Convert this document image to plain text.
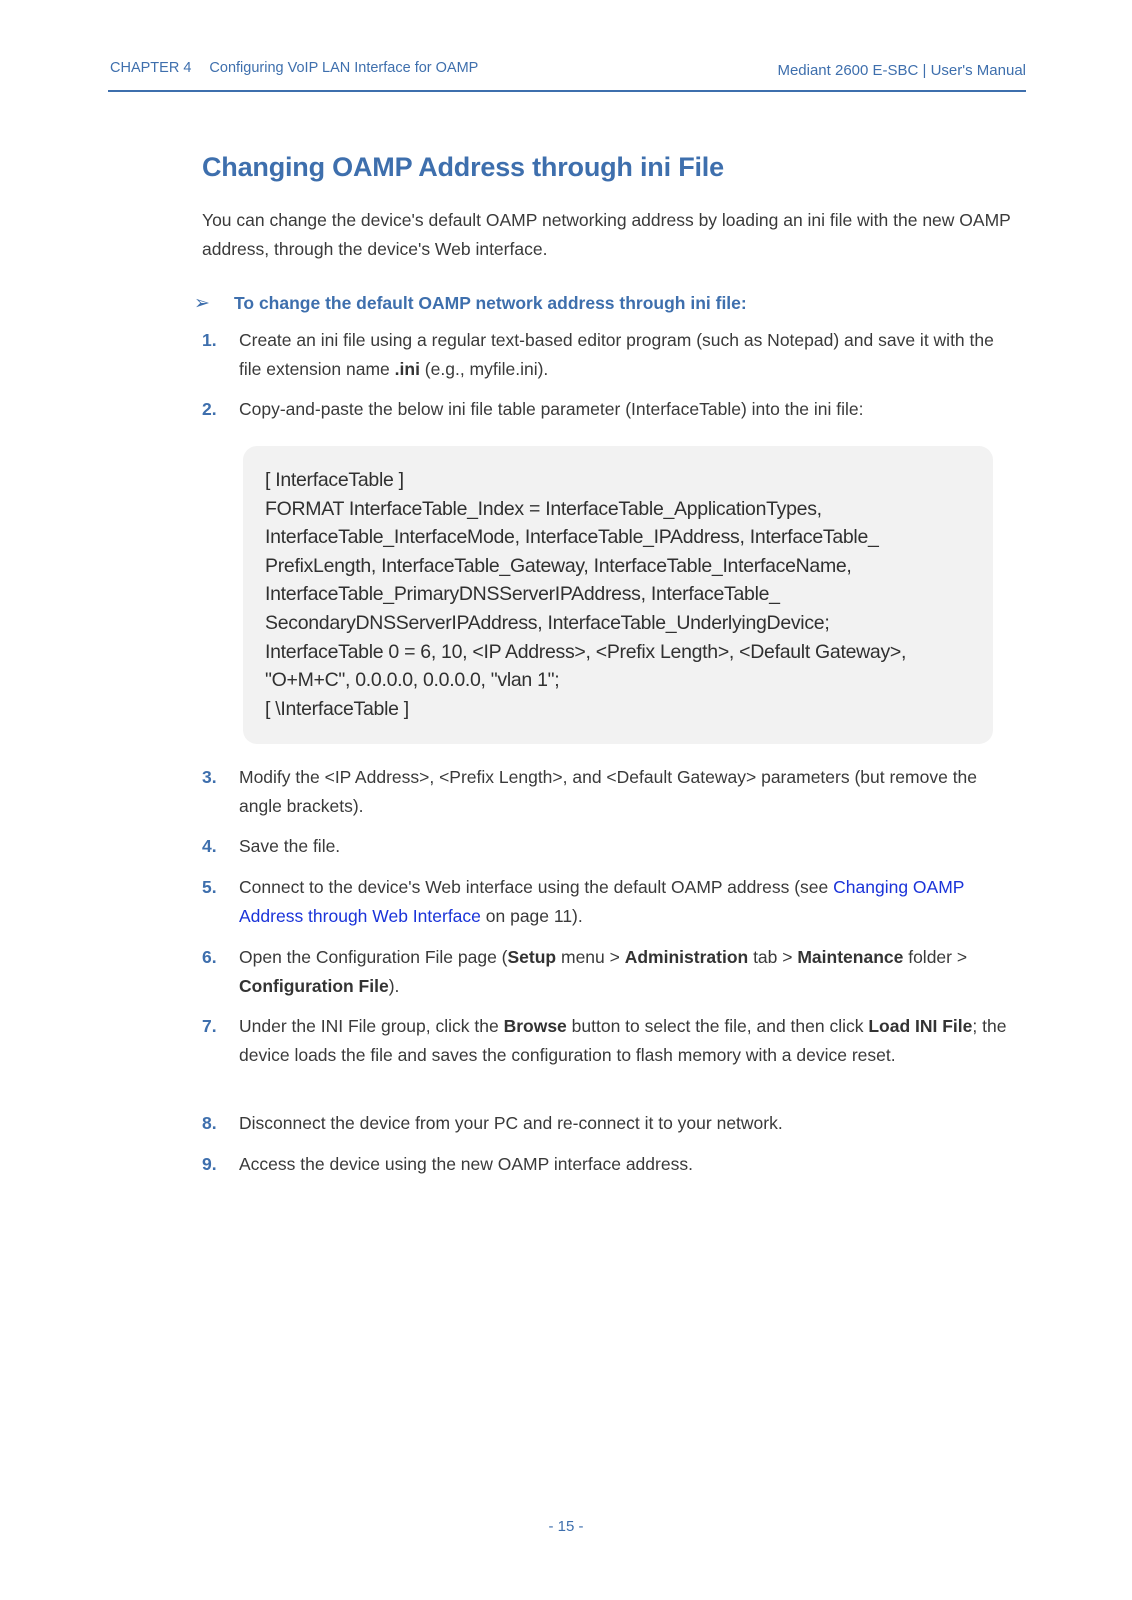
CHAPTER 4 Configuring VoIP LAN Interface for OAMP	Mediant 2600 E-SBC | User's Manual
Changing OAMP Address through ini File

You can change the device's default OAMP networking address by loading an ini file with the new OAMP address, through the device's Web interface.

➢ To change the default OAMP network address through ini file:
1. Create an ini file using a regular text-based editor program (such as Notepad) and save it with the file extension name .ini (e.g., myfile.ini).
2. Copy-and-paste the below ini file table parameter (InterfaceTable) into the ini file:
[ InterfaceTable ]
FORMAT InterfaceTable_Index = InterfaceTable_ApplicationTypes,
InterfaceTable_InterfaceMode, InterfaceTable_IPAddress, InterfaceTable_
PrefixLength, InterfaceTable_Gateway, InterfaceTable_InterfaceName,
InterfaceTable_PrimaryDNSServerIPAddress, InterfaceTable_
SecondaryDNSServerIPAddress, InterfaceTable_UnderlyingDevice;
InterfaceTable 0 = 6, 10, <IP Address>, <Prefix Length>, <Default Gateway>,
"O+M+C", 0.0.0.0, 0.0.0.0, "vlan 1";
[ \InterfaceTable ]
3. Modify the <IP Address>, <Prefix Length>, and <Default Gateway> parameters (but remove the angle brackets).
4. Save the file.
5. Connect to the device's Web interface using the default OAMP address (see Changing OAMP Address through Web Interface on page 11).
6. Open the Configuration File page (Setup menu > Administration tab > Maintenance folder > Configuration File).
7. Under the INI File group, click the Browse button to select the file, and then click Load INI File; the device loads the file and saves the configuration to flash memory with a device reset.
8. Disconnect the device from your PC and re-connect it to your network.
9. Access the device using the new OAMP interface address.
- 15 -
